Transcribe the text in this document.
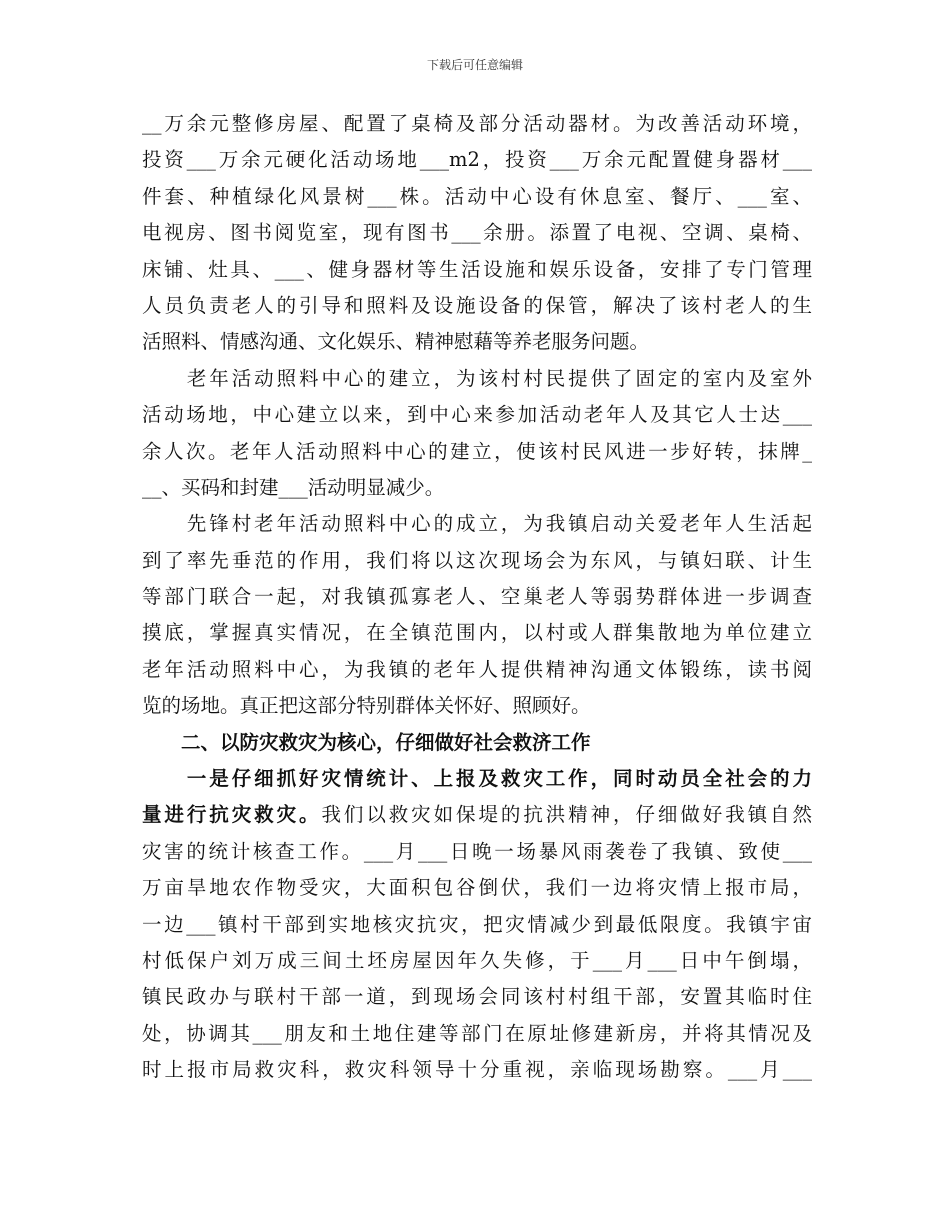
下载后可任意编辑
__万余元整修房屋、配置了桌椅及部分活动器材。为改善活动环境，
投资___万余元硬化活动场地___m2，投资___万余元配置健身器材___
件套、种植绿化风景树___株。活动中心设有休息室、餐厅、___室、
电视房、图书阅览室，现有图书___余册。添置了电视、空调、桌椅、
床铺、灶具、___、健身器材等生活设施和娱乐设备，安排了专门管理
人员负责老人的引导和照料及设施设备的保管，解决了该村老人的生
活照料、情感沟通、文化娱乐、精神慰藉等养老服务问题。
　　老年活动照料中心的建立，为该村村民提供了固定的室内及室外
活动场地，中心建立以来，到中心来参加活动老年人及其它人士达___
余人次。老年人活动照料中心的建立，使该村民风进一步好转，抹牌_
__、买码和封建___活动明显减少。
　　先锋村老年活动照料中心的成立，为我镇启动关爱老年人生活起
到了率先垂范的作用，我们将以这次现场会为东风，与镇妇联、计生
等部门联合一起，对我镇孤寡老人、空巢老人等弱势群体进一步调查
摸底，掌握真实情况，在全镇范围内，以村或人群集散地为单位建立
老年活动照料中心，为我镇的老年人提供精神沟通文体锻练，读书阅
览的场地。真正把这部分特别群体关怀好、照顾好。
　　二、以防灾救灾为核心，仔细做好社会救济工作
　　一是仔细抓好灾情统计、上报及救灾工作，同时动员全社会的力
量进行抗灾救灾。我们以救灾如保堤的抗洪精神，仔细做好我镇自然
灾害的统计核查工作。___月___日晚一场暴风雨袭卷了我镇、致使___
万亩旱地农作物受灾，大面积包谷倒伏，我们一边将灾情上报市局，
一边___镇村干部到实地核灾抗灾，把灾情减少到最低限度。我镇宇宙
村低保户刘万成三间土坯房屋因年久失修，于___月___日中午倒塌，
镇民政办与联村干部一道，到现场会同该村村组干部，安置其临时住
处，协调其___朋友和土地住建等部门在原址修建新房，并将其情况及
时上报市局救灾科，救灾科领导十分重视，亲临现场勘察。___月___
